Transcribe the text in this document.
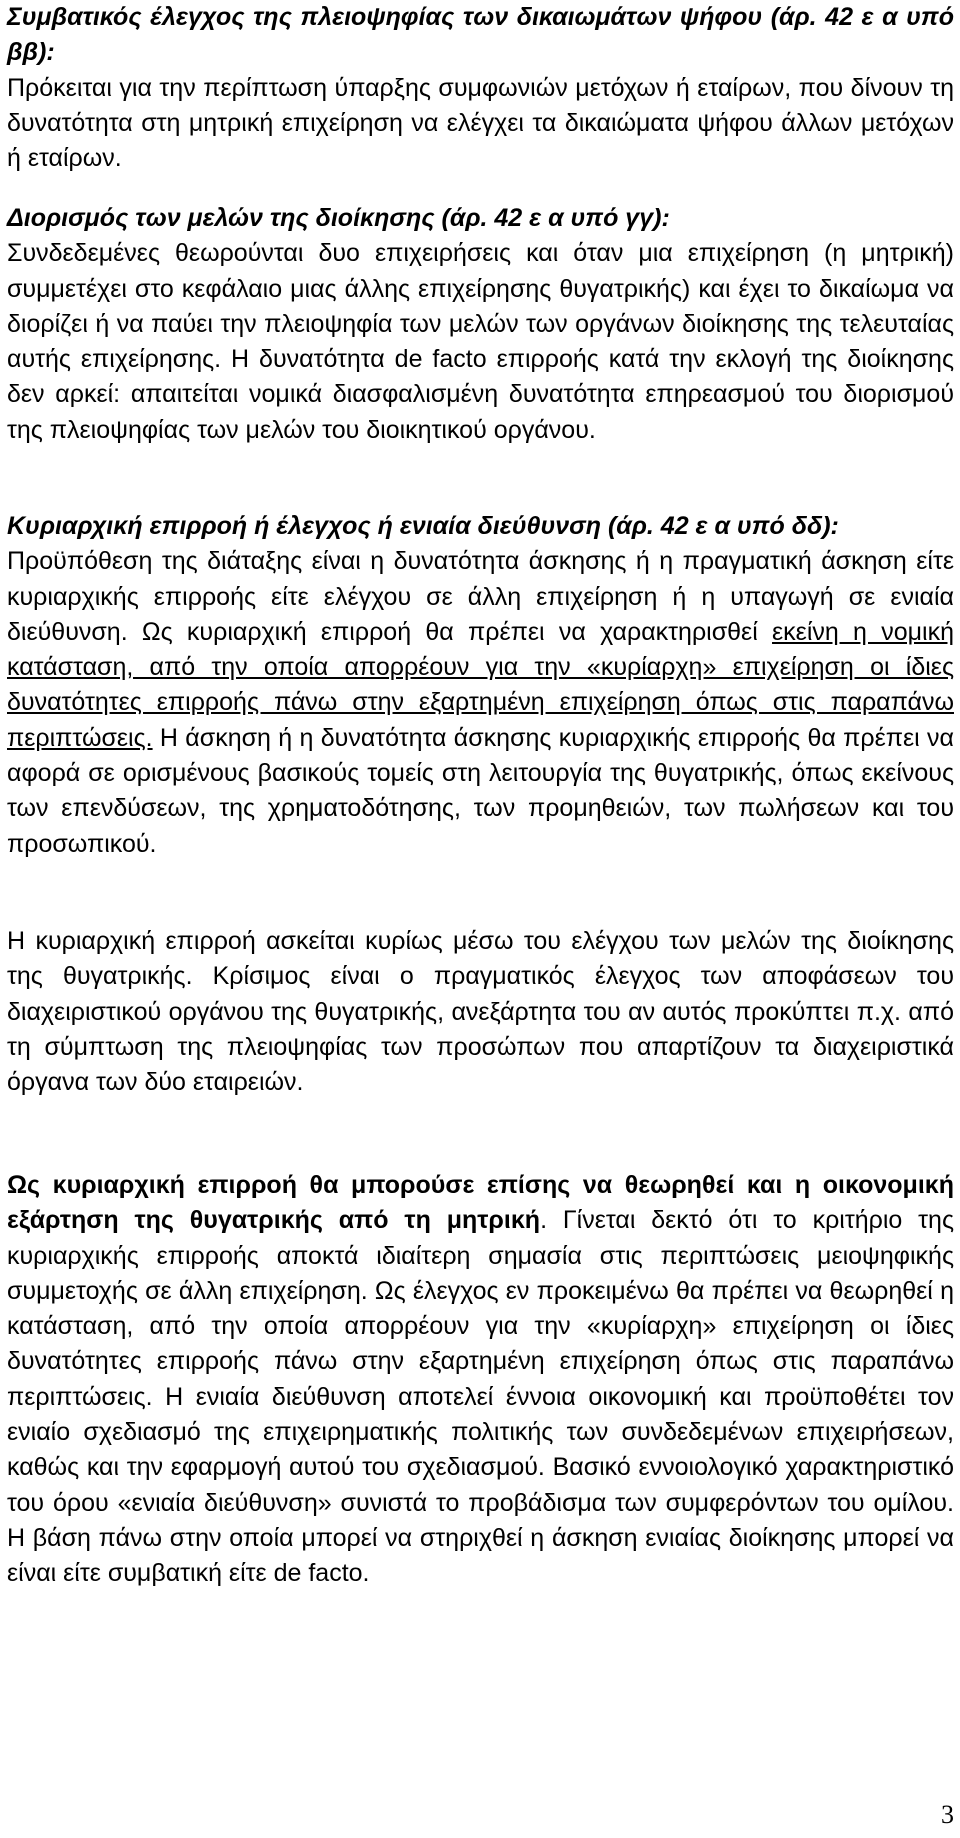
Συμβατικός έλεγχος της πλειοψηφίας των δικαιωμάτων ψήφου (άρ. 42 ε α υπό ββ):
Πρόκειται για την περίπτωση ύπαρξης συμφωνιών μετόχων ή εταίρων, που δίνουν τη δυνατότητα στη μητρική επιχείρηση να ελέγχει τα δικαιώματα ψήφου άλλων μετόχων ή εταίρων.

Διορισμός των μελών της διοίκησης (άρ. 42 ε α υπό γγ):
Συνδεδεμένες θεωρούνται δυο επιχειρήσεις και όταν μια επιχείρηση (η μητρική) συμμετέχει στο κεφάλαιο μιας άλλης επιχείρησης θυγατρικής) και έχει το δικαίωμα να διορίζει ή να παύει την πλειοψηφία των μελών των οργάνων διοίκησης της τελευταίας αυτής επιχείρησης. Η δυνατότητα de facto επιρροής κατά την εκλογή της διοίκησης δεν αρκεί: απαιτείται νομικά διασφαλισμένη δυνατότητα επηρεασμού του διορισμού της πλειοψηφίας των μελών του διοικητικού οργάνου.

Κυριαρχική επιρροή ή έλεγχος ή ενιαία διεύθυνση (άρ. 42 ε α υπό δδ):
Προϋπόθεση της διάταξης είναι η δυνατότητα άσκησης ή η πραγματική άσκηση είτε κυριαρχικής επιρροής είτε ελέγχου σε άλλη επιχείρηση ή η υπαγωγή σε ενιαία διεύθυνση. Ως κυριαρχική επιρροή θα πρέπει να χαρακτηρισθεί εκείνη η νομική κατάσταση, από την οποία απορρέουν για την «κυρίαρχη» επιχείρηση οι ίδιες δυνατότητες επιρροής πάνω στην εξαρτημένη επιχείρηση όπως στις παραπάνω περιπτώσεις. Η άσκηση ή η δυνατότητα άσκησης κυριαρχικής επιρροής θα πρέπει να αφορά σε ορισμένους βασικούς τομείς στη λειτουργία της θυγατρικής, όπως εκείνους των επενδύσεων, της χρηματοδότησης, των προμηθειών, των πωλήσεων και του προσωπικού.

Η κυριαρχική επιρροή ασκείται κυρίως μέσω του ελέγχου των μελών της διοίκησης της θυγατρικής. Κρίσιμος είναι ο πραγματικός έλεγχος των αποφάσεων του διαχειριστικού οργάνου της θυγατρικής, ανεξάρτητα του αν αυτός προκύπτει π.χ. από τη σύμπτωση της πλειοψηφίας των προσώπων που απαρτίζουν τα διαχειριστικά όργανα των δύο εταιρειών.

Ως κυριαρχική επιρροή θα μπορούσε επίσης να θεωρηθεί και η οικονομική εξάρτηση της θυγατρικής από τη μητρική. Γίνεται δεκτό ότι το κριτήριο της κυριαρχικής επιρροής αποκτά ιδιαίτερη σημασία στις περιπτώσεις μειοψηφικής συμμετοχής σε άλλη επιχείρηση. Ως έλεγχος εν προκειμένω θα πρέπει να θεωρηθεί η κατάσταση, από την οποία απορρέουν για την «κυρίαρχη» επιχείρηση οι ίδιες δυνατότητες επιρροής πάνω στην εξαρτημένη επιχείρηση όπως στις παραπάνω περιπτώσεις. Η ενιαία διεύθυνση αποτελεί έννοια οικονομική και προϋποθέτει τον ενιαίο σχεδιασμό της επιχειρηματικής πολιτικής των συνδεδεμένων επιχειρήσεων, καθώς και την εφαρμογή αυτού του σχεδιασμού. Βασικό εννοιολογικό χαρακτηριστικό του όρου «ενιαία διεύθυνση» συνιστά το προβάδισμα των συμφερόντων του ομίλου. Η βάση πάνω στην οποία μπορεί να στηριχθεί η άσκηση ενιαίας διοίκησης μπορεί να είναι είτε συμβατική είτε de facto.

3
